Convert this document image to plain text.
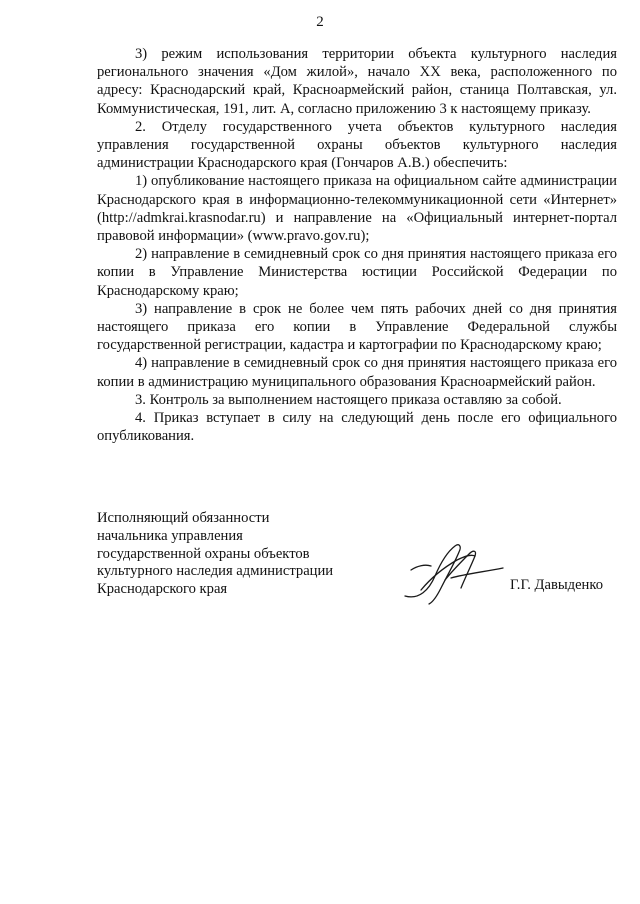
2

3) режим использования территории объекта культурного наследия регионального значения «Дом жилой», начало XX века, расположенного по адресу: Краснодарский край, Красноармейский район, станица Полтавская, ул. Коммунистическая, 191, лит. А, согласно приложению 3 к настоящему приказу.

2. Отделу государственного учета объектов культурного наследия управления государственной охраны объектов культурного наследия администрации Краснодарского края (Гончаров А.В.) обеспечить:

1) опубликование настоящего приказа на официальном сайте администрации Краснодарского края в информационно-телекоммуникационной сети «Интернет» (http://admkrai.krasnodar.ru) и направление на «Официальный интернет-портал правовой информации» (www.pravo.gov.ru);

2) направление в семидневный срок со дня принятия настоящего приказа его копии в Управление Министерства юстиции Российской Федерации по Краснодарскому краю;

3) направление в срок не более чем пять рабочих дней со дня принятия настоящего приказа его копии в Управление Федеральной службы государственной регистрации, кадастра и картографии по Краснодарскому краю;

4) направление в семидневный срок со дня принятия настоящего приказа его копии в администрацию муниципального образования Красноармейский район.

3. Контроль за выполнением настоящего приказа оставляю за собой.

4. Приказ вступает в силу на следующий день после его официального опубликования.

Исполняющий обязанности
начальника управления
государственной охраны объектов
культурного наследия администрации
Краснодарского края	Г.Г. Давыденко
